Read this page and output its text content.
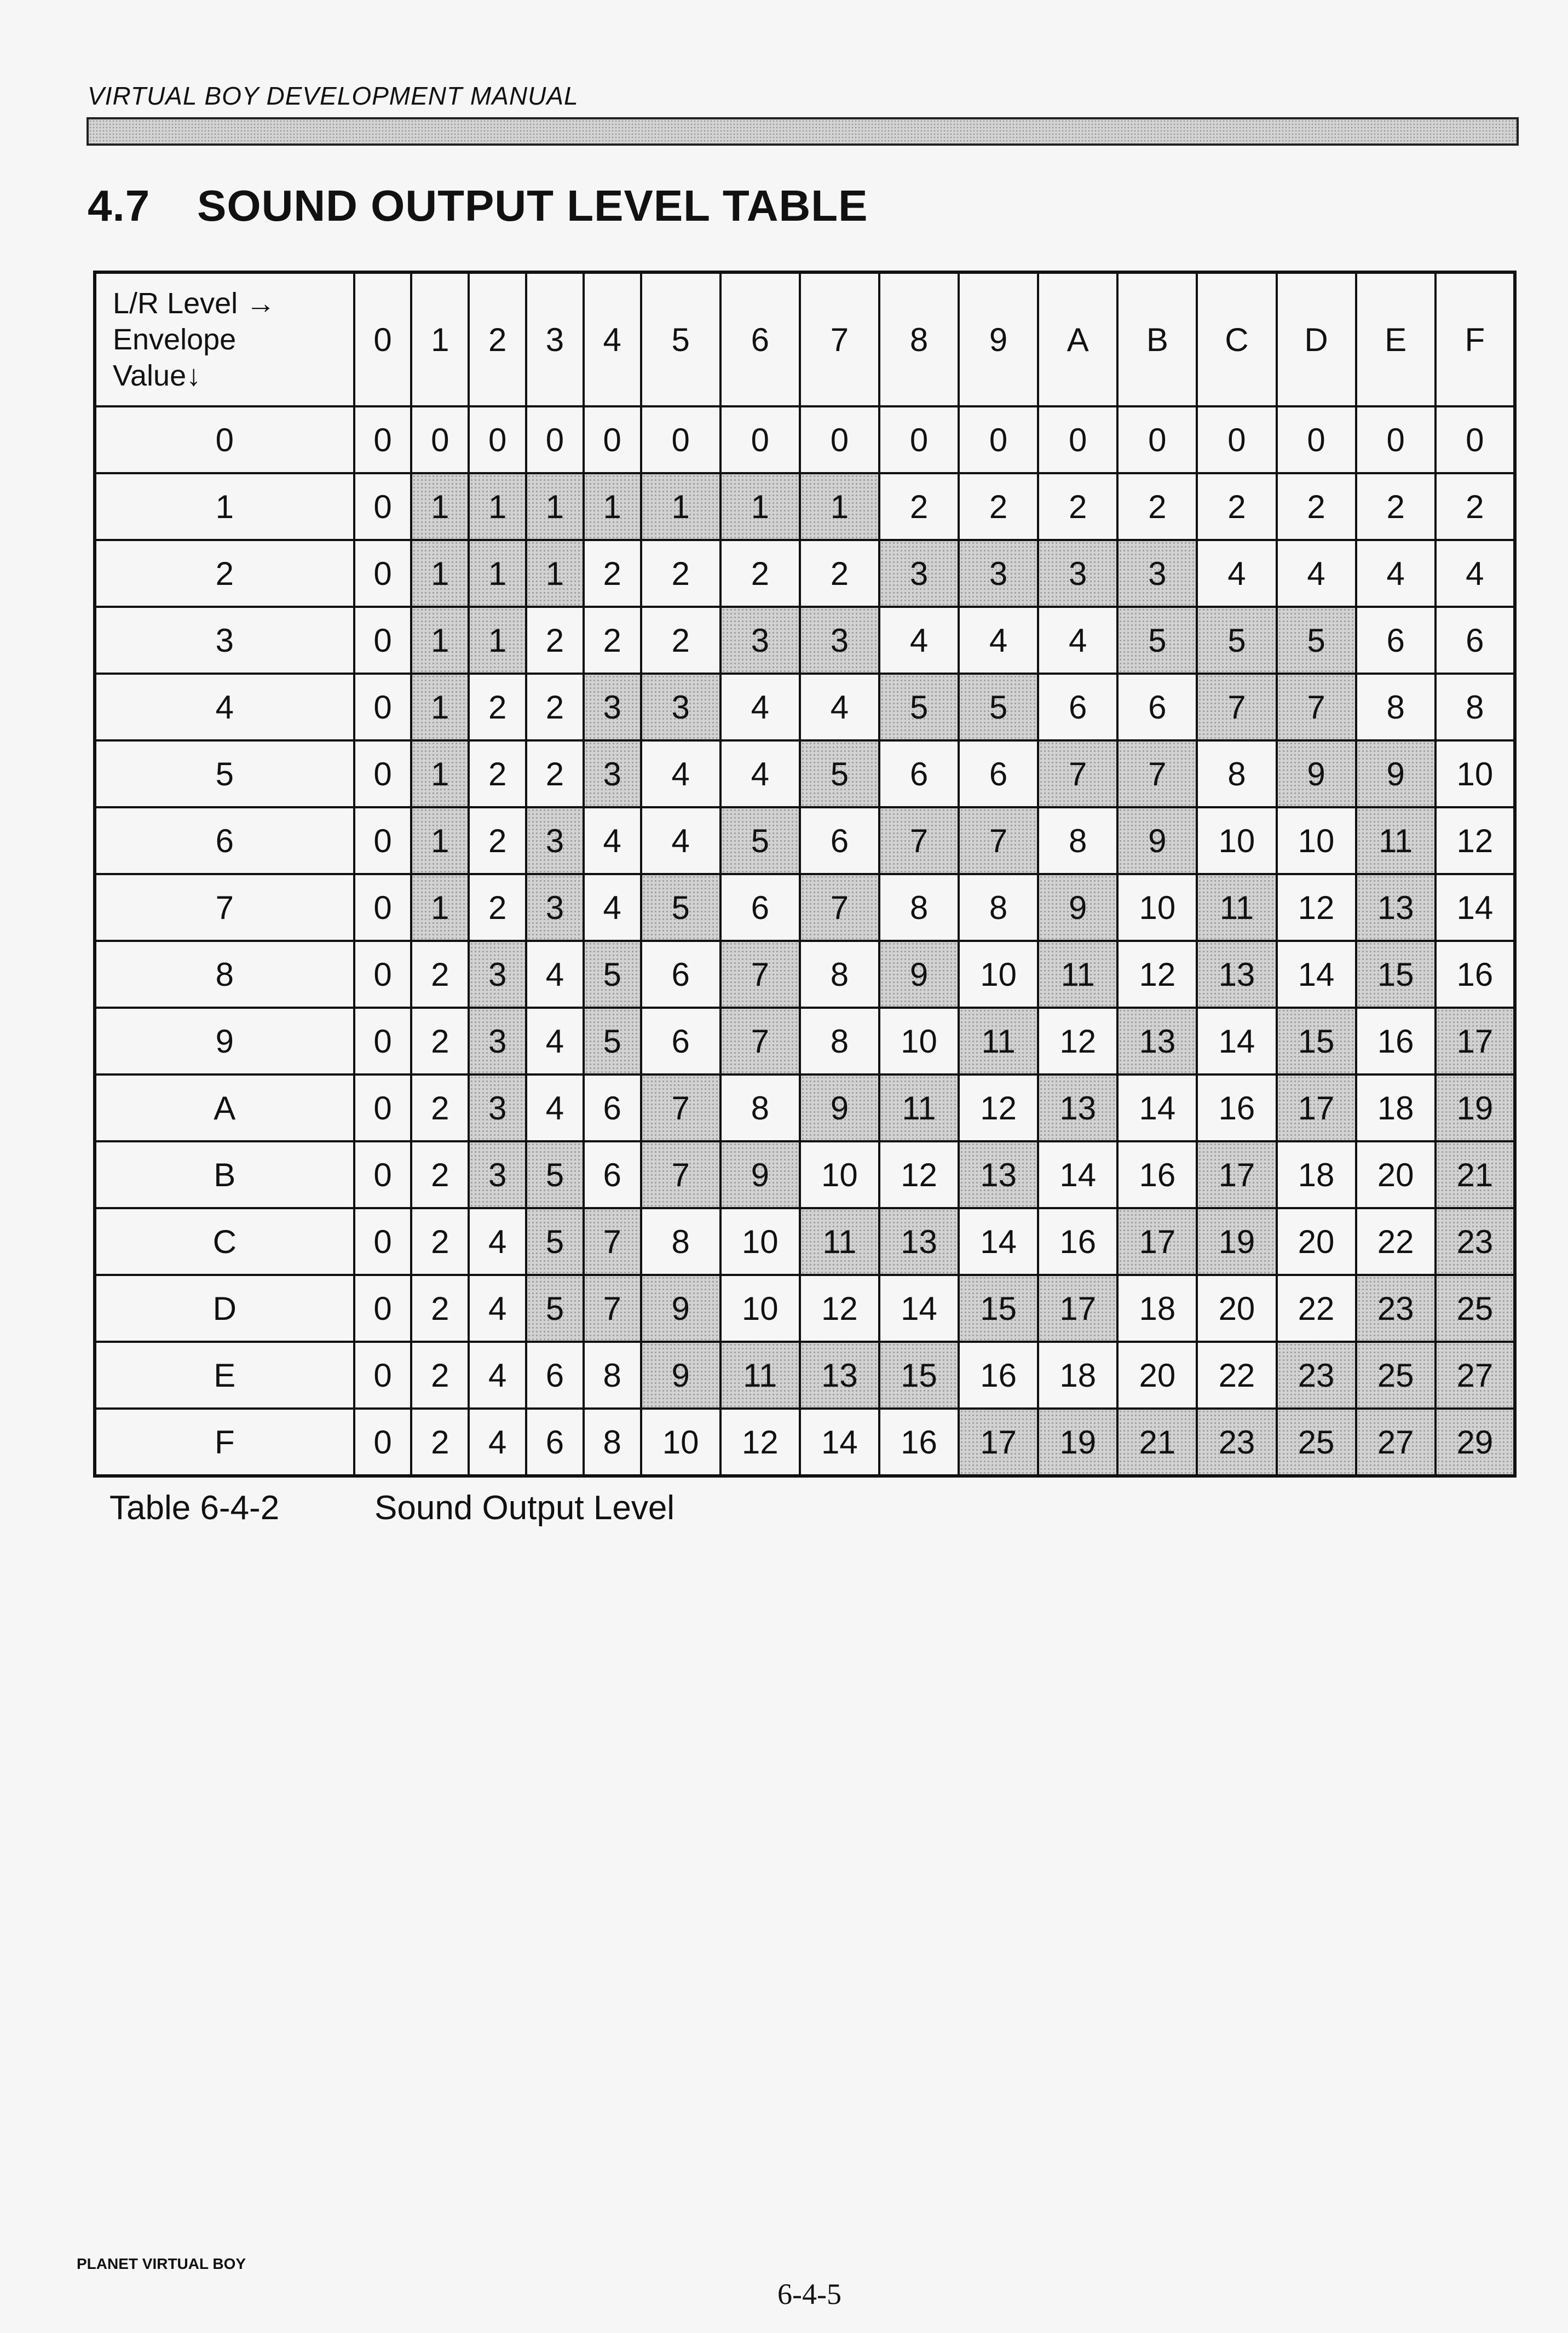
VIRTUAL BOY DEVELOPMENT MANUAL
4.7 SOUND OUTPUT LEVEL TABLE
L/R Level →
Envelope
Value↓	0	1	2	3	4	5	6	7	8	9	A	B	C	D	E	F
0	0	0	0	0	0	0	0	0	0	0	0	0	0	0	0	0
1	0	1	1	1	1	1	1	1	2	2	2	2	2	2	2	2
2	0	1	1	1	2	2	2	2	3	3	3	3	4	4	4	4
3	0	1	1	2	2	2	3	3	4	4	4	5	5	5	6	6
4	0	1	2	2	3	3	4	4	5	5	6	6	7	7	8	8
5	0	1	2	2	3	4	4	5	6	6	7	7	8	9	9	10
6	0	1	2	3	4	4	5	6	7	7	8	9	10	10	11	12
7	0	1	2	3	4	5	6	7	8	8	9	10	11	12	13	14
8	0	2	3	4	5	6	7	8	9	10	11	12	13	14	15	16
9	0	2	3	4	5	6	7	8	10	11	12	13	14	15	16	17
A	0	2	3	4	6	7	8	9	11	12	13	14	16	17	18	19
B	0	2	3	5	6	7	9	10	12	13	14	16	17	18	20	21
C	0	2	4	5	7	8	10	11	13	14	16	17	19	20	22	23
D	0	2	4	5	7	9	10	12	14	15	17	18	20	22	23	25
E	0	2	4	6	8	9	11	13	15	16	18	20	22	23	25	27
F	0	2	4	6	8	10	12	14	16	17	19	21	23	25	27	29
Table 6-4-2	Sound Output Level
PLANET VIRTUAL BOY
6-4-5
